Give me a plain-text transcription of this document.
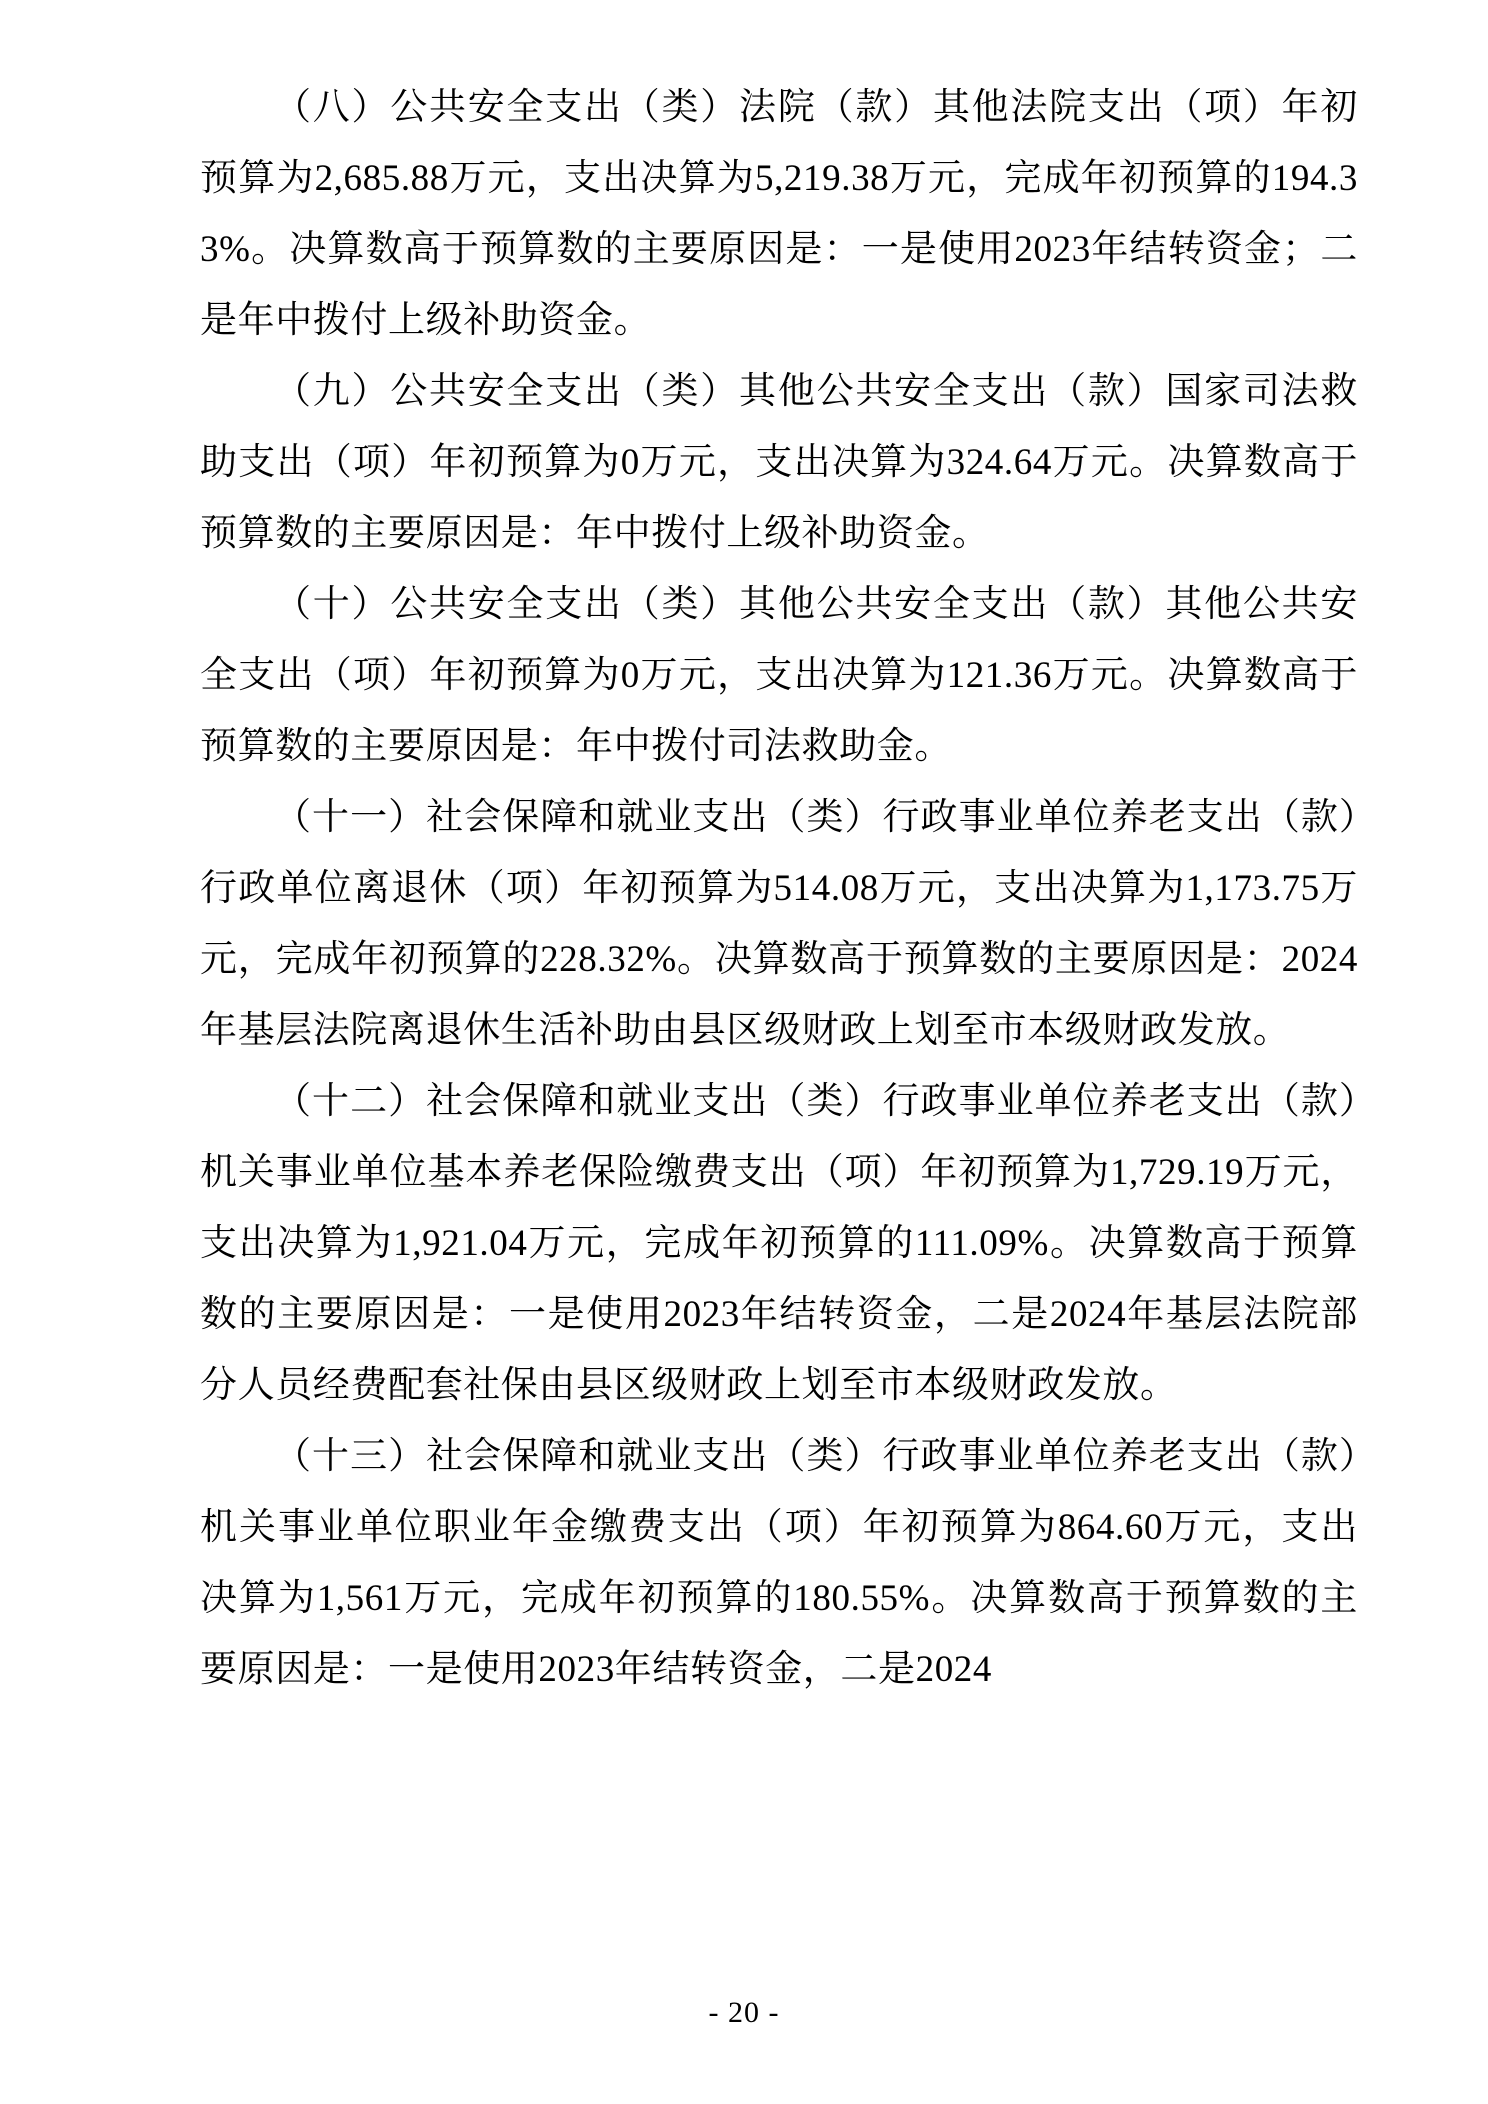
（八）公共安全支出（类）法院（款）其他法院支出（项）年初预算为2,685.88万元，支出决算为5,219.38万元，完成年初预算的194.33%。决算数高于预算数的主要原因是：一是使用2023年结转资金；二是年中拨付上级补助资金。

（九）公共安全支出（类）其他公共安全支出（款）国家司法救助支出（项）年初预算为0万元，支出决算为324.64万元。决算数高于预算数的主要原因是：年中拨付上级补助资金。

（十）公共安全支出（类）其他公共安全支出（款）其他公共安全支出（项）年初预算为0万元，支出决算为121.36万元。决算数高于预算数的主要原因是：年中拨付司法救助金。

（十一）社会保障和就业支出（类）行政事业单位养老支出（款）行政单位离退休（项）年初预算为514.08万元，支出决算为1,173.75万元，完成年初预算的228.32%。决算数高于预算数的主要原因是：2024年基层法院离退休生活补助由县区级财政上划至市本级财政发放。

（十二）社会保障和就业支出（类）行政事业单位养老支出（款）机关事业单位基本养老保险缴费支出（项）年初预算为1,729.19万元，支出决算为1,921.04万元，完成年初预算的111.09%。决算数高于预算数的主要原因是：一是使用2023年结转资金，二是2024年基层法院部分人员经费配套社保由县区级财政上划至市本级财政发放。

（十三）社会保障和就业支出（类）行政事业单位养老支出（款）机关事业单位职业年金缴费支出（项）年初预算为864.60万元，支出决算为1,561万元，完成年初预算的180.55%。决算数高于预算数的主要原因是：一是使用2023年结转资金，二是2024

- 20 -
